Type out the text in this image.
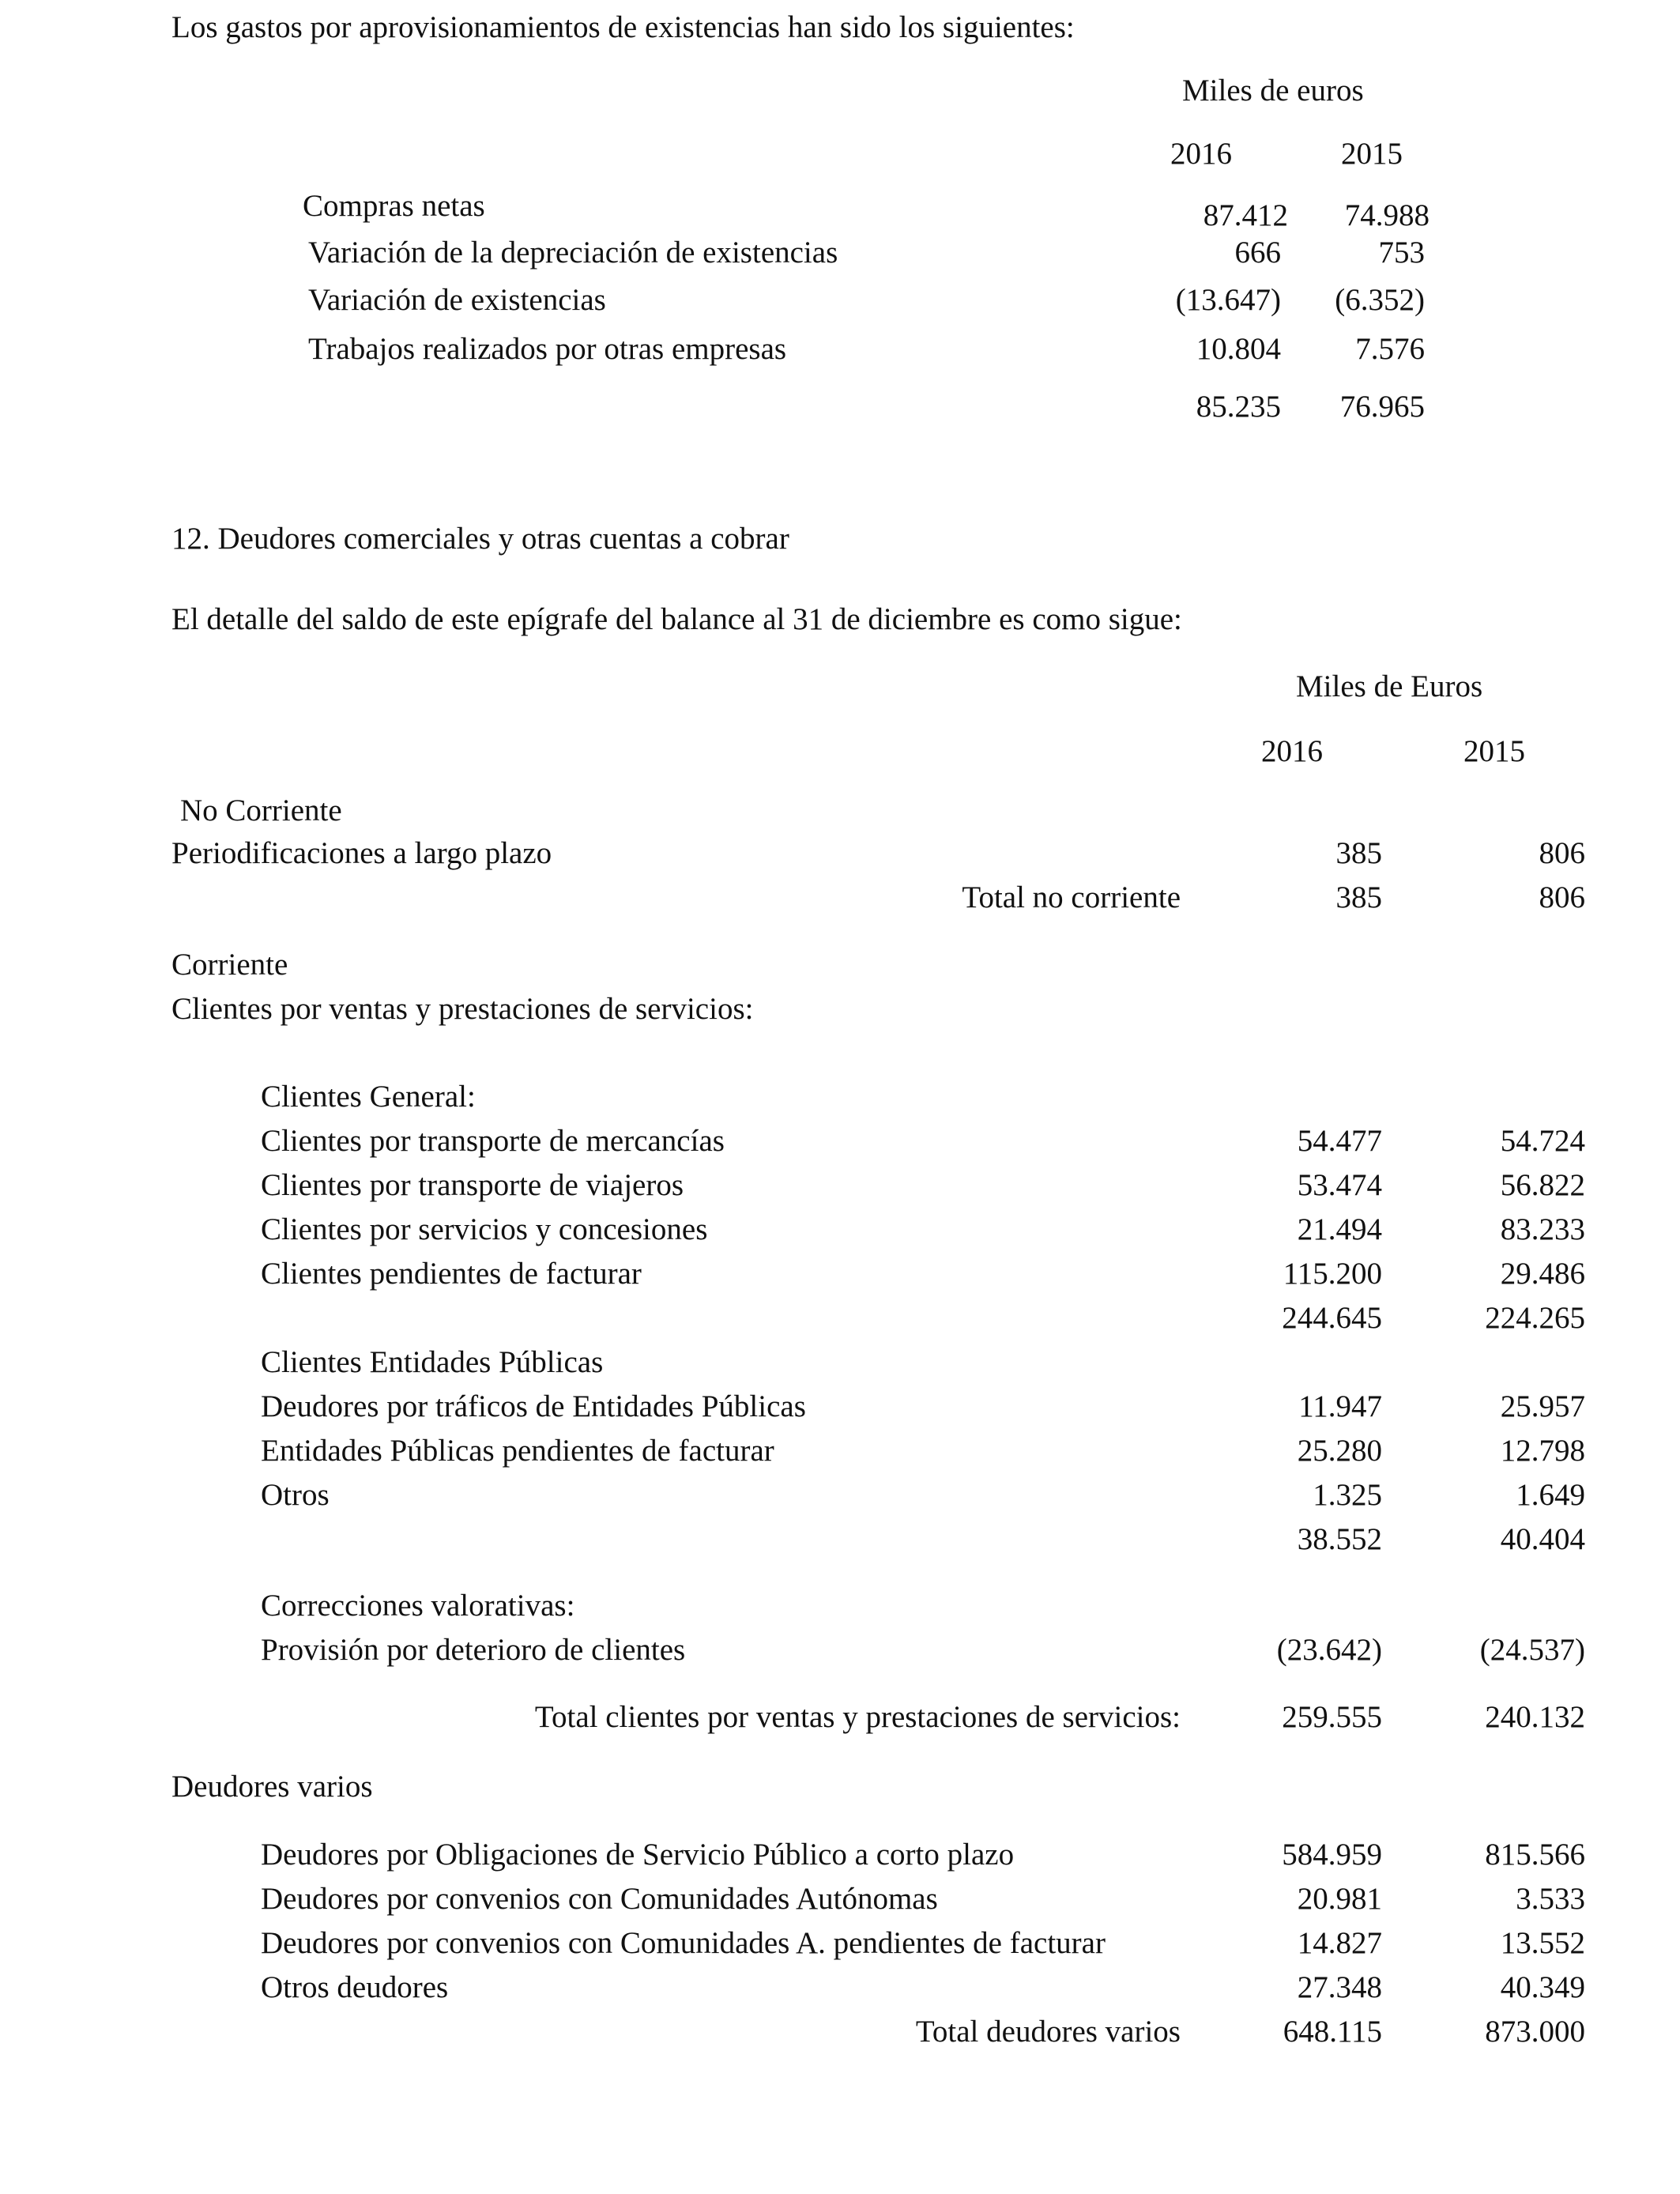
Los gastos por aprovisionamientos de existencias han sido los siguientes:
Miles de euros
2016	2015
Compras netas	87.412 74.988
Variación de la depreciación de existencias	666	753
Variación de existencias	(13.647) (6.352)
Trabajos realizados por otras empresas	10.804 7.576
85.235 76.965
12. Deudores comerciales y otras cuentas a cobrar
El detalle del saldo de este epígrafe del balance al 31 de diciembre es como sigue:
Miles de Euros
2016	2015
No Corriente
Periodificaciones a largo plazo	385	806
Total no corriente	385	806
Corriente
Clientes por ventas y prestaciones de servicios:
Clientes General:
Clientes por transporte de mercancías	54.477	54.724
Clientes por transporte de viajeros	53.474	56.822
Clientes por servicios y concesiones	21.494	83.233
Clientes pendientes de facturar	115.200	29.486
244.645	224.265
Clientes Entidades Públicas
Deudores por tráficos de Entidades Públicas	11.947	25.957
Entidades Públicas pendientes de facturar	25.280	12.798
Otros	1.325	1.649
38.552	40.404
Correcciones valorativas:
Provisión por deterioro de clientes	(23.642)	(24.537)
Total clientes por ventas y prestaciones de servicios:	259.555	240.132
Deudores varios
Deudores por Obligaciones de Servicio Público a corto plazo	584.959	815.566
Deudores por convenios con Comunidades Autónomas	20.981	3.533
Deudores por convenios con Comunidades A. pendientes de facturar	14.827	13.552
Otros deudores	27.348	40.349
Total deudores varios	648.115	873.000
